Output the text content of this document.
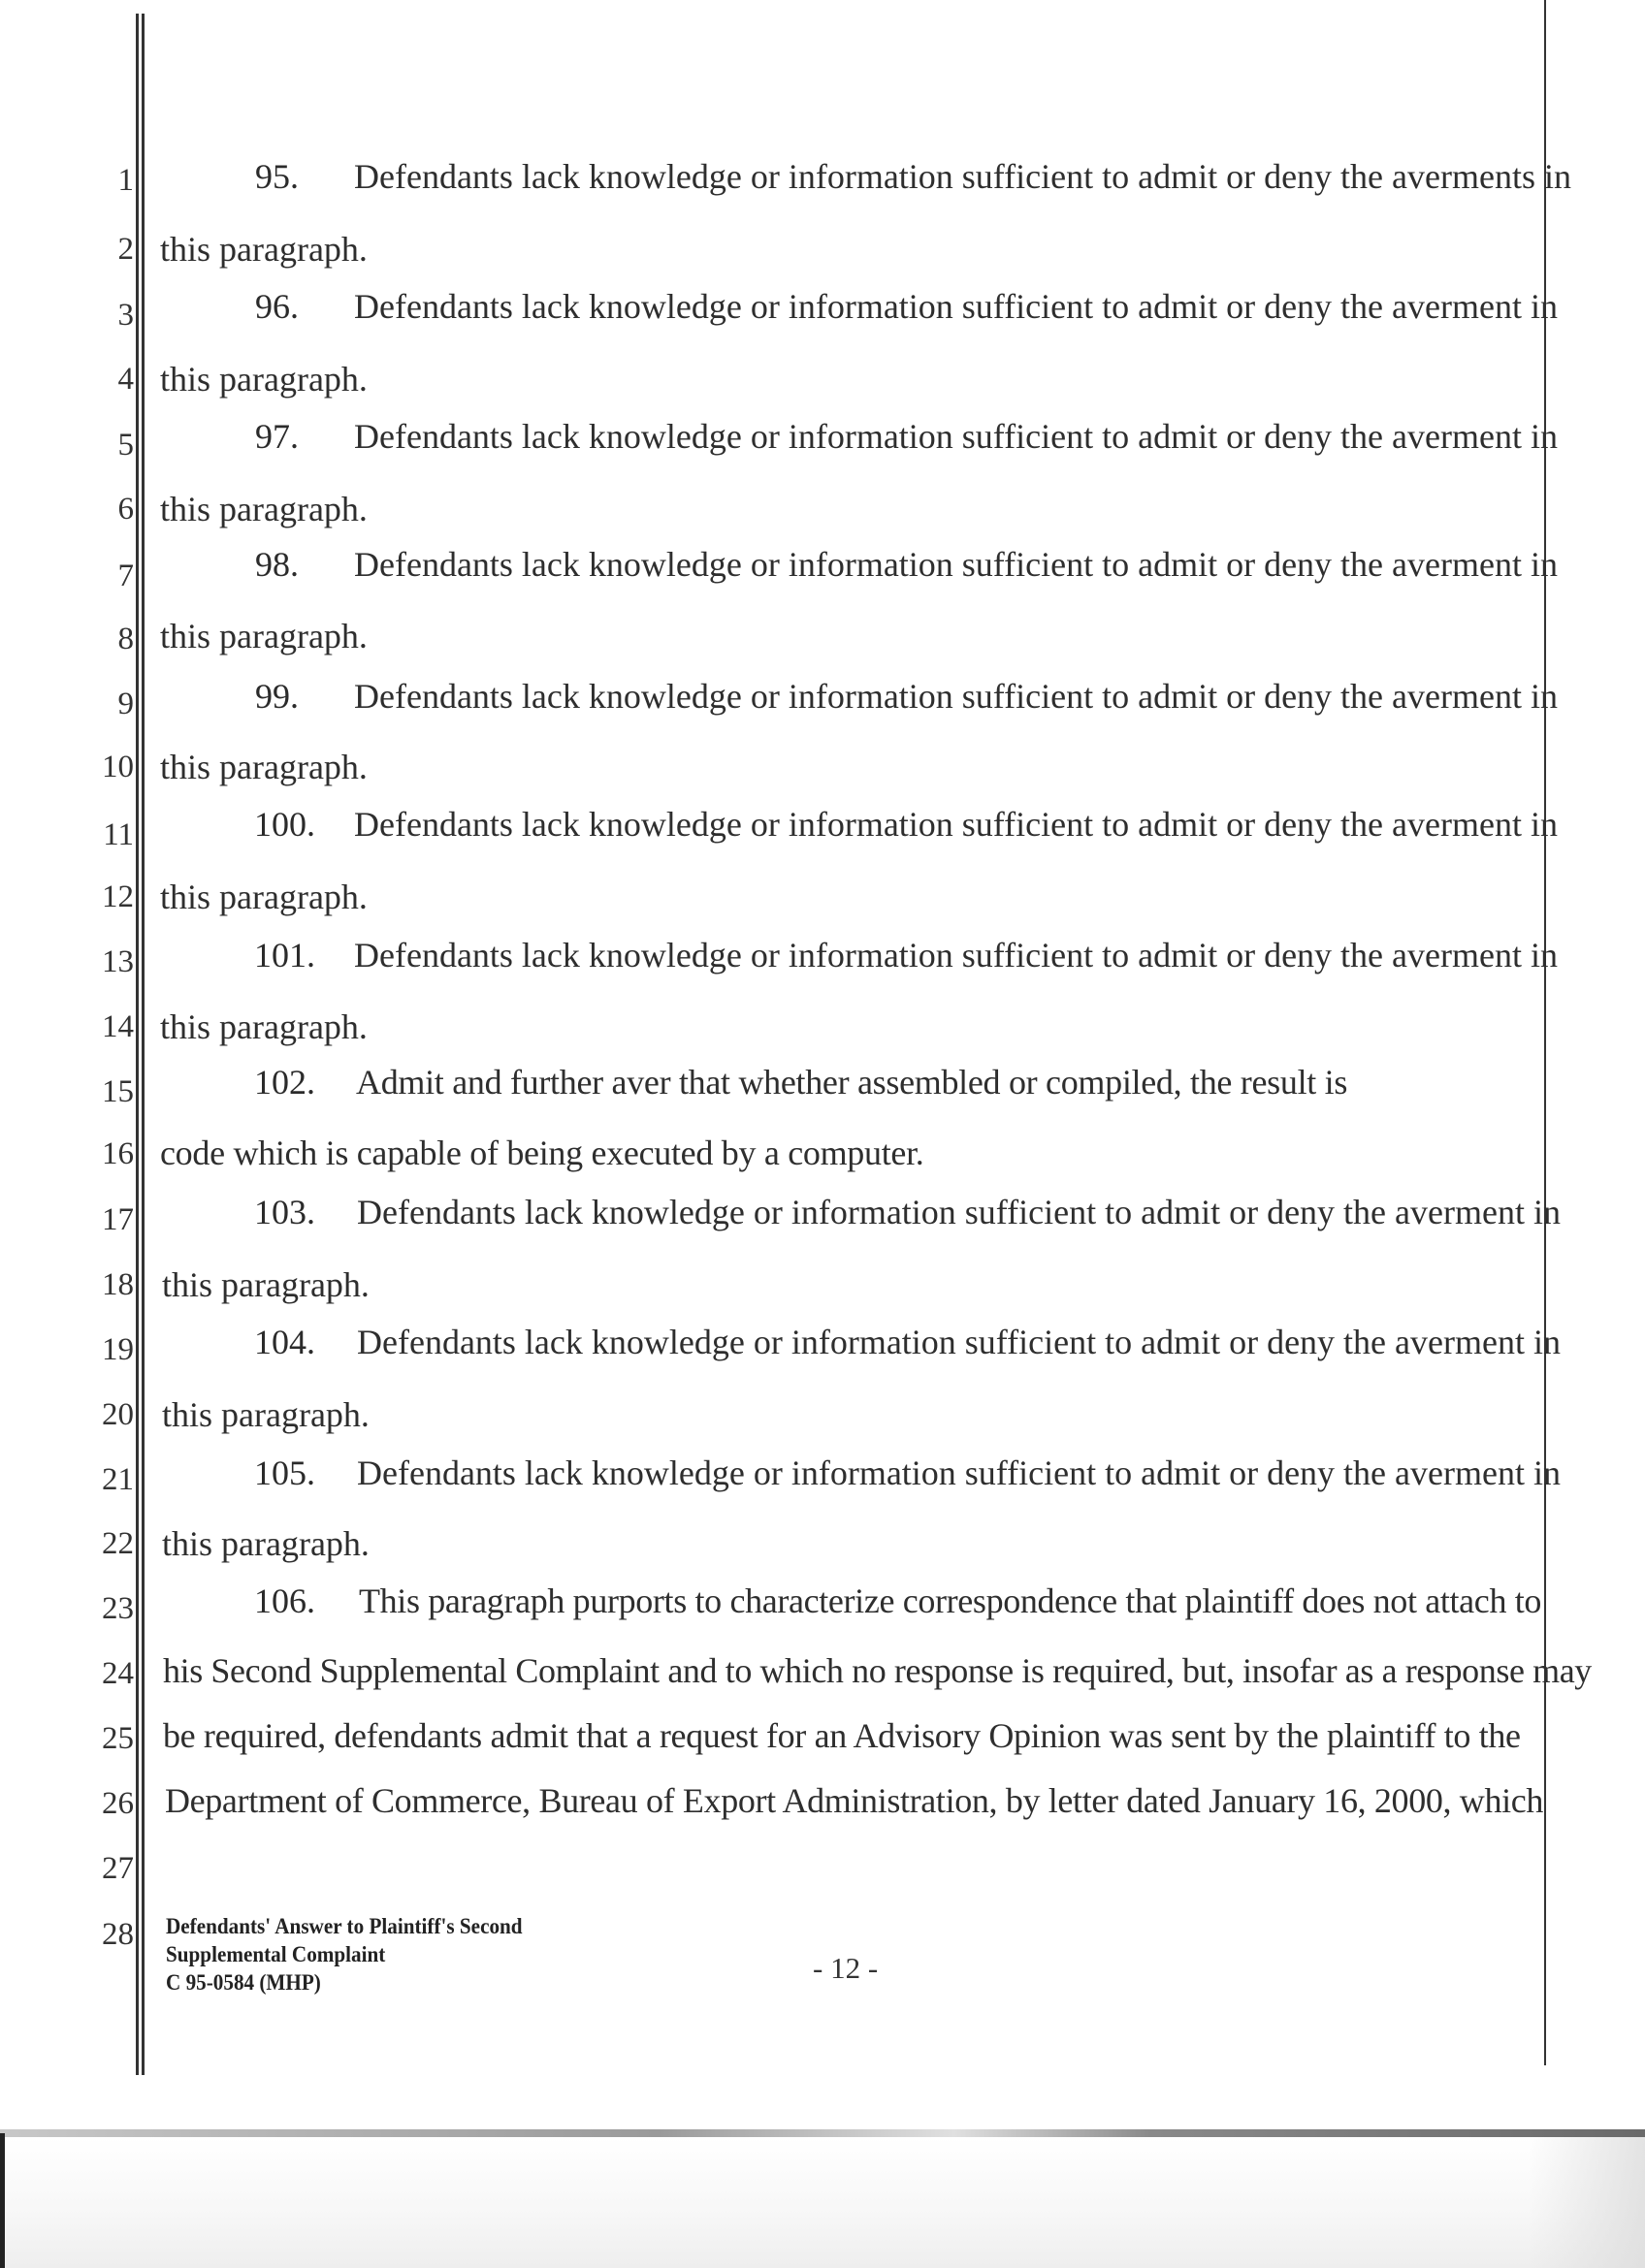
1
2
3
4
5
6
7
8
9
10
11
12
13
14
15
16
17
18
19
20
21
22
23
24
25
26
27
28
95. Defendants lack knowledge or information sufficient to admit or deny the averments in
this paragraph.
96. Defendants lack knowledge or information sufficient to admit or deny the averment in
this paragraph.
97. Defendants lack knowledge or information sufficient to admit or deny the averment in
this paragraph.
98. Defendants lack knowledge or information sufficient to admit or deny the averment in
this paragraph.
99. Defendants lack knowledge or information sufficient to admit or deny the averment in
this paragraph.
100. Defendants lack knowledge or information sufficient to admit or deny the averment in
this paragraph.
101. Defendants lack knowledge or information sufficient to admit or deny the averment in
this paragraph.
102. Admit and further aver that whether assembled or compiled, the result is
code which is capable of being executed by a computer.
103. Defendants lack knowledge or information sufficient to admit or deny the averment in
this paragraph.
104. Defendants lack knowledge or information sufficient to admit or deny the averment in
this paragraph.
105. Defendants lack knowledge or information sufficient to admit or deny the averment in
this paragraph.
106. This paragraph purports to characterize correspondence that plaintiff does not attach to
his Second Supplemental Complaint and to which no response is required, but, insofar as a response may
be required, defendants admit that a request for an Advisory Opinion was sent by the plaintiff to the
Department of Commerce, Bureau of Export Administration, by letter dated January 16, 2000, which
Defendants' Answer to Plaintiff's Second
Supplemental Complaint
C 95-0584 (MHP)	- 12 -
